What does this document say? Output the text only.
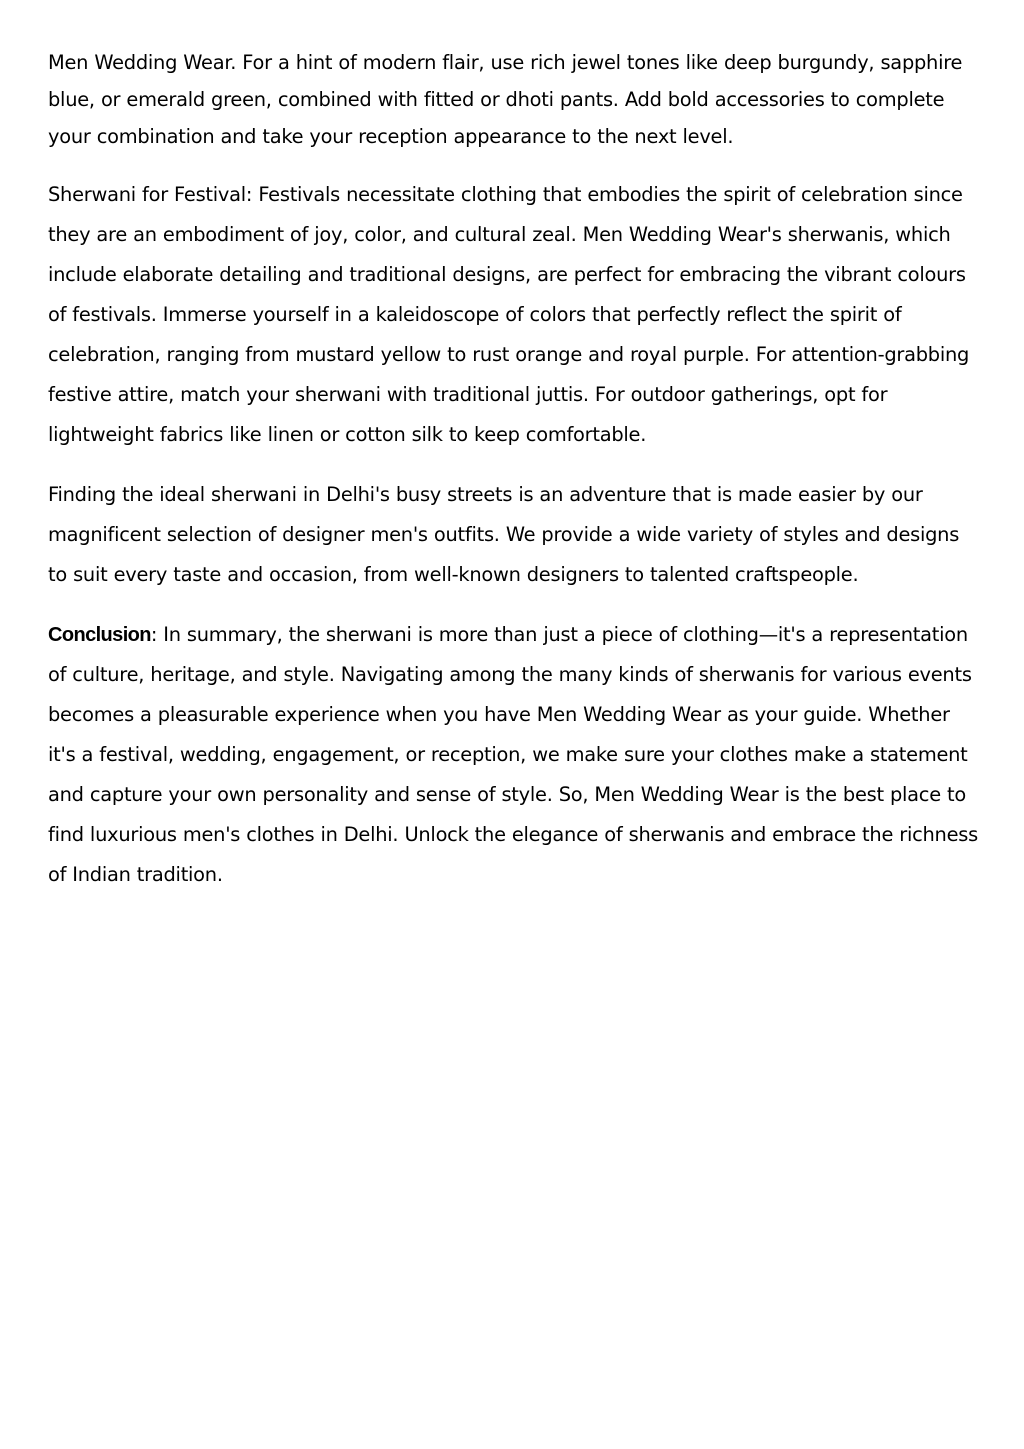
Men Wedding Wear. For a hint of modern flair, use rich jewel tones like deep burgundy, sapphire blue, or emerald green, combined with fitted or dhoti pants. Add bold accessories to complete your combination and take your reception appearance to the next level.

Sherwani for Festival: Festivals necessitate clothing that embodies the spirit of celebration since they are an embodiment of joy, color, and cultural zeal. Men Wedding Wear's sherwanis, which include elaborate detailing and traditional designs, are perfect for embracing the vibrant colours of festivals. Immerse yourself in a kaleidoscope of colors that perfectly reflect the spirit of celebration, ranging from mustard yellow to rust orange and royal purple. For attention-grabbing festive attire, match your sherwani with traditional juttis. For outdoor gatherings, opt for lightweight fabrics like linen or cotton silk to keep comfortable.

Finding the ideal sherwani in Delhi's busy streets is an adventure that is made easier by our magnificent selection of designer men's outfits. We provide a wide variety of styles and designs to suit every taste and occasion, from well-known designers to talented craftspeople.

Conclusion: In summary, the sherwani is more than just a piece of clothing—it's a representation of culture, heritage, and style. Navigating among the many kinds of sherwanis for various events becomes a pleasurable experience when you have Men Wedding Wear as your guide. Whether it's a festival, wedding, engagement, or reception, we make sure your clothes make a statement and capture your own personality and sense of style. So, Men Wedding Wear is the best place to find luxurious men's clothes in Delhi. Unlock the elegance of sherwanis and embrace the richness of Indian tradition.
